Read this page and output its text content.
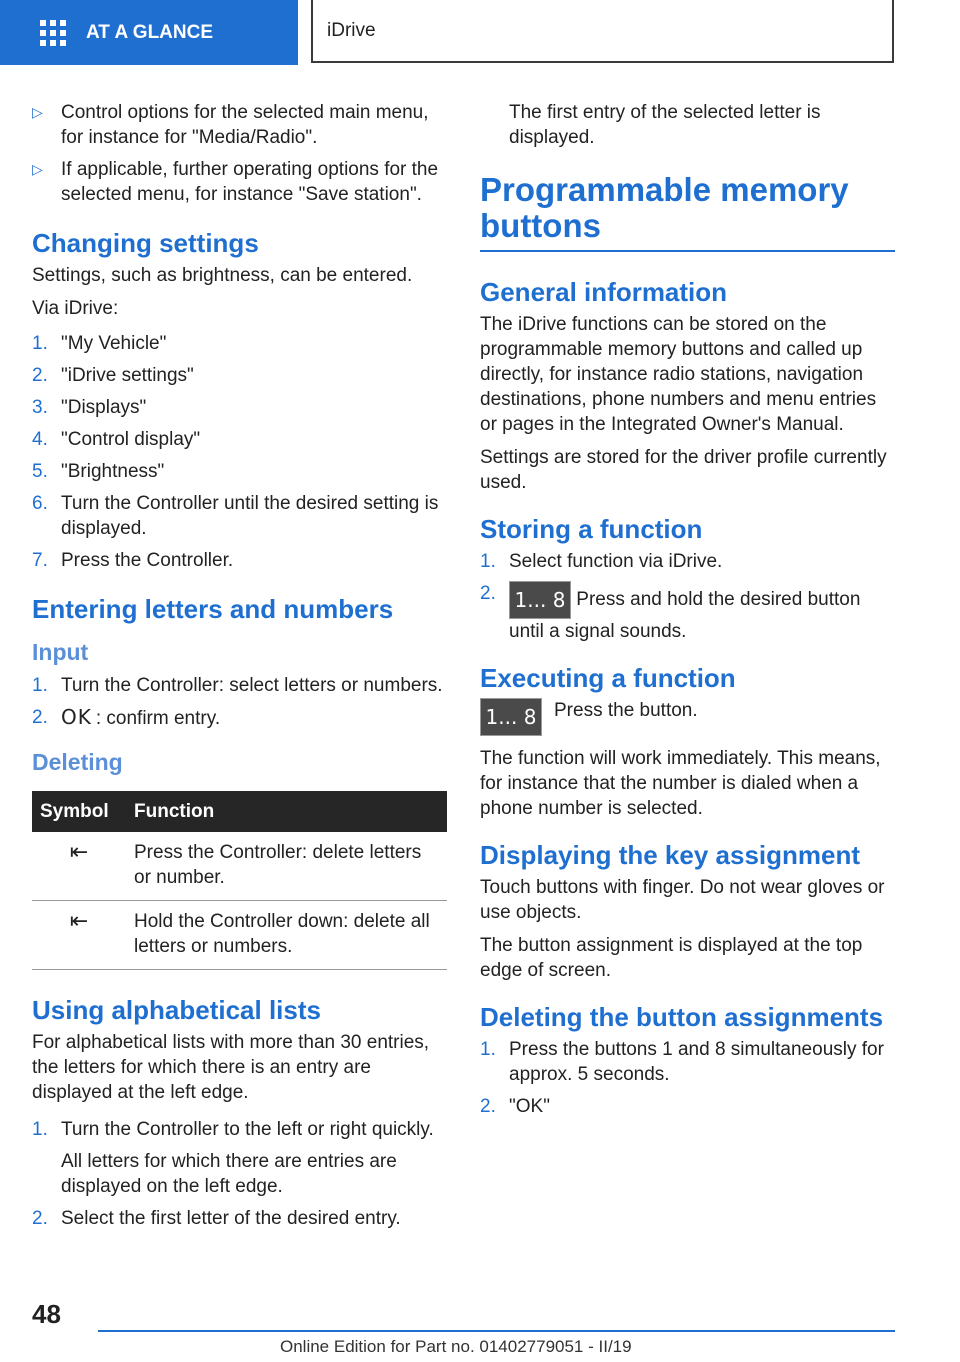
AT A GLANCE	iDrive
▷ Control options for the selected main menu, for instance for "Media/Radio".
▷ If applicable, further operating options for the selected menu, for instance "Save station".
Changing settings

Settings, such as brightness, can be entered.

Via iDrive:

1. "My Vehicle"
2. "iDrive settings"
3. "Displays"
4. "Control display"
5. "Brightness"
6. Turn the Controller until the desired setting is displayed.
7. Press the Controller.
Entering letters and numbers
Input
1. Turn the Controller: select letters or numbers.
2. OK : confirm entry.
Deleting
Symbol	Function
⇤	Press the Controller: delete letters or number.
⇤	Hold the Controller down: delete all letters or numbers.
Using alphabetical lists

For alphabetical lists with more than 30 entries, the letters for which there is an entry are displayed at the left edge.

1. Turn the Controller to the left or right quickly.
All letters for which there are entries are displayed on the left edge.
2. Select the first letter of the desired entry.

The first entry of the selected letter is displayed.

Programmable memory buttons
General information

The iDrive functions can be stored on the programmable memory buttons and called up directly, for instance radio stations, navigation destinations, phone numbers and menu entries or pages in the Integrated Owner's Manual.

Settings are stored for the driver profile currently used.

Storing a function
1. Select function via iDrive.
2. 1... 8 Press and hold the desired button until a signal sounds.
Executing a function
1... 8 Press the button.

The function will work immediately. This means, for instance that the number is dialed when a phone number is selected.

Displaying the key assignment

Touch buttons with finger. Do not wear gloves or use objects.

The button assignment is displayed at the top edge of screen.

Deleting the button assignments
1. Press the buttons 1 and 8 simultaneously for approx. 5 seconds.
2. "OK"
48
Online Edition for Part no. 01402779051 - II/19
